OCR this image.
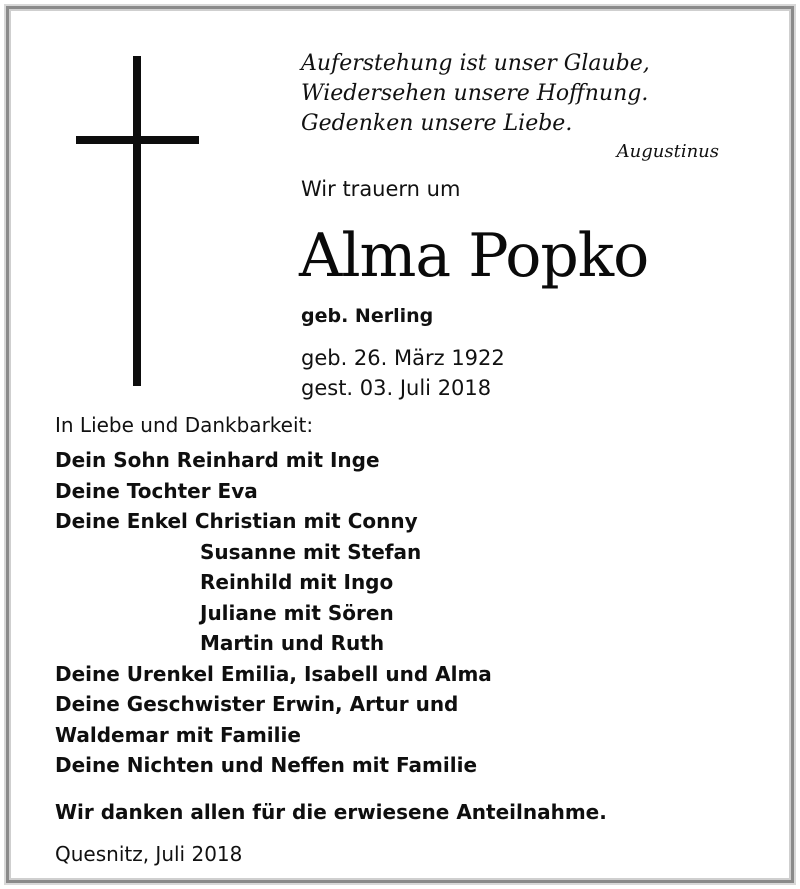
Auferstehung ist unser Glaube,
Wiedersehen unsere Hoffnung.
Gedenken unsere Liebe.
Augustinus
Wir trauern um
Alma Popko
geb. Nerling
geb. 26. März 1922
gest. 03. Juli 2018
In Liebe und Dankbarkeit:
Dein Sohn Reinhard mit Inge
Deine Tochter Eva
Deine Enkel Christian mit Conny
Susanne mit Stefan
Reinhild mit Ingo
Juliane mit Sören
Martin und Ruth
Deine Urenkel Emilia, Isabell und Alma
Deine Geschwister Erwin, Artur und
Waldemar mit Familie
Deine Nichten und Neffen mit Familie
Wir danken allen für die erwiesene Anteilnahme.
Quesnitz, Juli 2018
